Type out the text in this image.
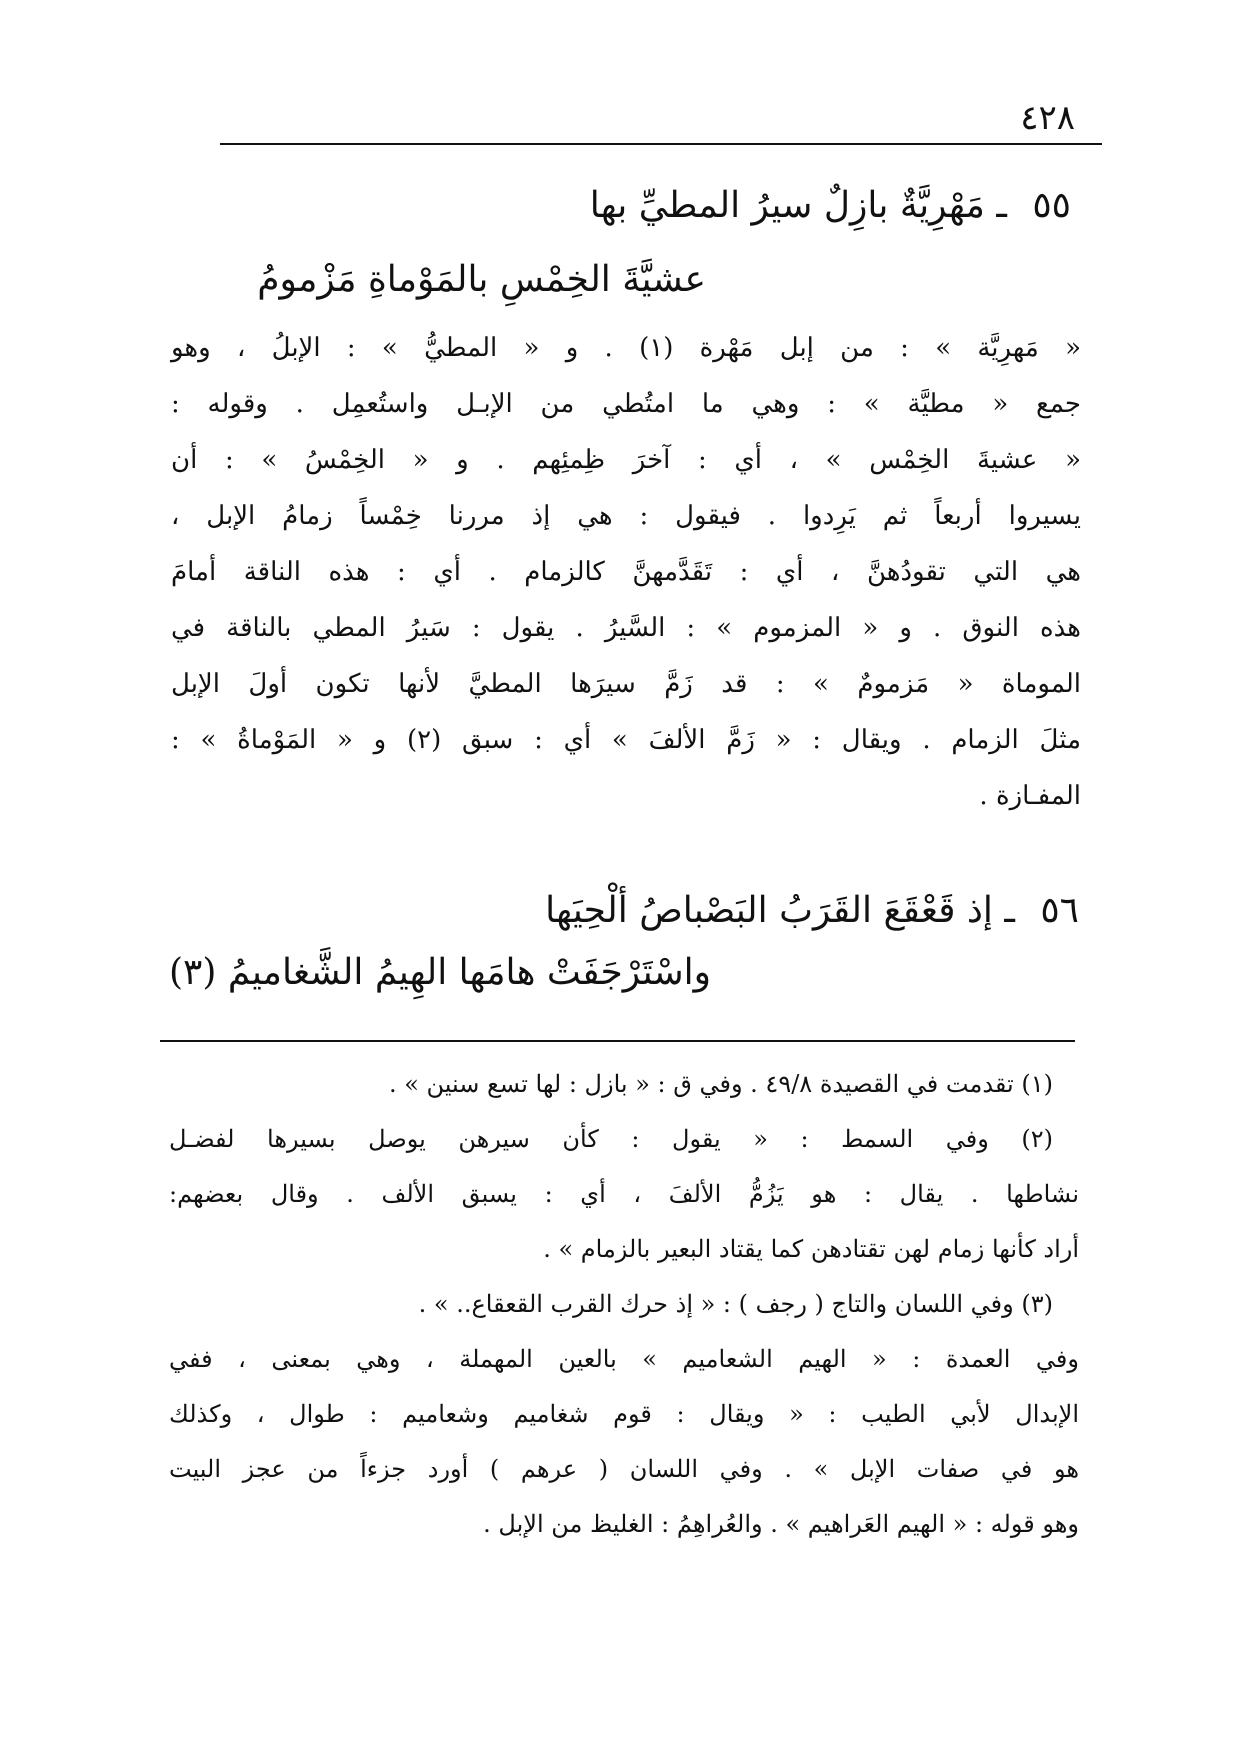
٤٢٨
٥٥ ـ مَهْرِيَّةٌ بازِلٌ سيرُ المطيِّ بها
عشيَّةَ الخِمْسِ بالمَوْماةِ مَزْمومُ
« مَهرِيَّة » : من إبل مَهْرة (١) . و « المطيُّ » : الإبلُ ، وهو
جمع « مطيَّة » : وهي ما امتُطي من الإبـل واستُعمِل . وقوله :
« عشيةَ الخِمْس » ، أي : آخرَ ظِمئِهم . و « الخِمْسُ » : أن
يسيروا أربعاً ثم يَرِدوا . فيقول : هي إذ مررنا خِمْساً زمامُ الإبل ،
هي التي تقودُهنَّ ، أي : تَقَدَّمهنَّ كالزمام . أي : هذه الناقة أمامَ
هذه النوق . و « المزموم » : السَّيرُ . يقول : سَيرُ المطي بالناقة في
الموماة « مَزمومٌ » : قد زَمَّ سيرَها المطيَّ لأنها تكون أولَ الإبل
مثلَ الزمام . ويقال : « زَمَّ الألفَ » أي : سبق (٢) و « المَوْماةُ » :
المفـازة .
٥٦ ـ إذ قَعْقَعَ القَرَبُ البَصْباصُ ألْحِيَها
واسْتَرْجَفَتْ هامَها الهِيمُ الشَّغاميمُ (٣)
(١) تقدمت في القصيدة ٤٩/٨ . وفي ق : « بازل : لها تسع سنين » .
(٢) وفي السمط : « يقول : كأن سيرهن يوصل بسيرها لفضـل
نشاطها . يقال : هو يَزُمُّ الألفَ ، أي : يسبق الألف . وقال بعضهم:
أراد كأنها زمام لهن تقتادهن كما يقتاد البعير بالزمام » .
(٣) وفي اللسان والتاج ( رجف ) : « إذ حرك القرب القعقاع.. » .
وفي العمدة : « الهيم الشعاميم » بالعين المهملة ، وهي بمعنى ، ففي
الإبدال لأبي الطيب : « ويقال : قوم شغاميم وشعاميم : طوال ، وكذلك
هو في صفات الإبل » . وفي اللسان ( عرهم ) أورد جزءاً من عجز البيت
وهو قوله : « الهيم العَراهيم » . والعُراهِمُ : الغليظ من الإبل .
